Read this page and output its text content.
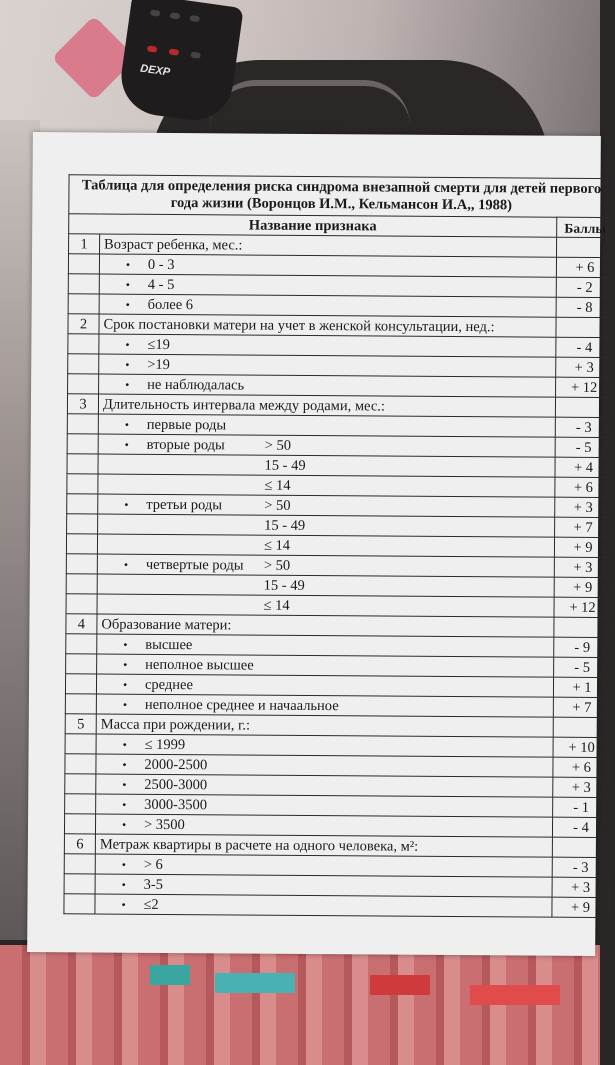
DEXP
Таблица для определения риска синдрома внезапной смерти для детей первого года жизни (Воронцов И.М., Кельмансон И.А,, 1988)		
Название признака		Баллы
1	Возраст ребенка, мес.:	
	• 0 - 3	+ 6
	• 4 - 5	- 2
	• более 6	- 8
2	Срок постановки матери на учет в женской консультации, нед.:	
	• ≤19	- 4
	• >19	+ 3
	• не наблюдалась	+ 12
3	Длительность интервала между родами, мес.:	
	• первые роды	- 3
	• вторые роды > 50	- 5
	15 - 49	+ 4
	≤ 14	+ 6
	• третьи роды > 50	+ 3
	15 - 49	+ 7
	≤ 14	+ 9
	• четвертые роды > 50	+ 3
	15 - 49	+ 9
	≤ 14	+ 12
4	Образование матери:	
	• высшее	- 9
	• неполное высшее	- 5
	• среднее	+ 1
	• неполное среднее и начаальное	+ 7
5	Масса при рождении, г.:	
	• ≤ 1999	+ 10
	• 2000-2500	+ 6
	• 2500-3000	+ 3
	• 3000-3500	- 1
	• > 3500	- 4
6	Метраж квартиры в расчете на одного человека, м²:	
	• > 6	- 3
	• 3-5	+ 3
	• ≤2	+ 9
